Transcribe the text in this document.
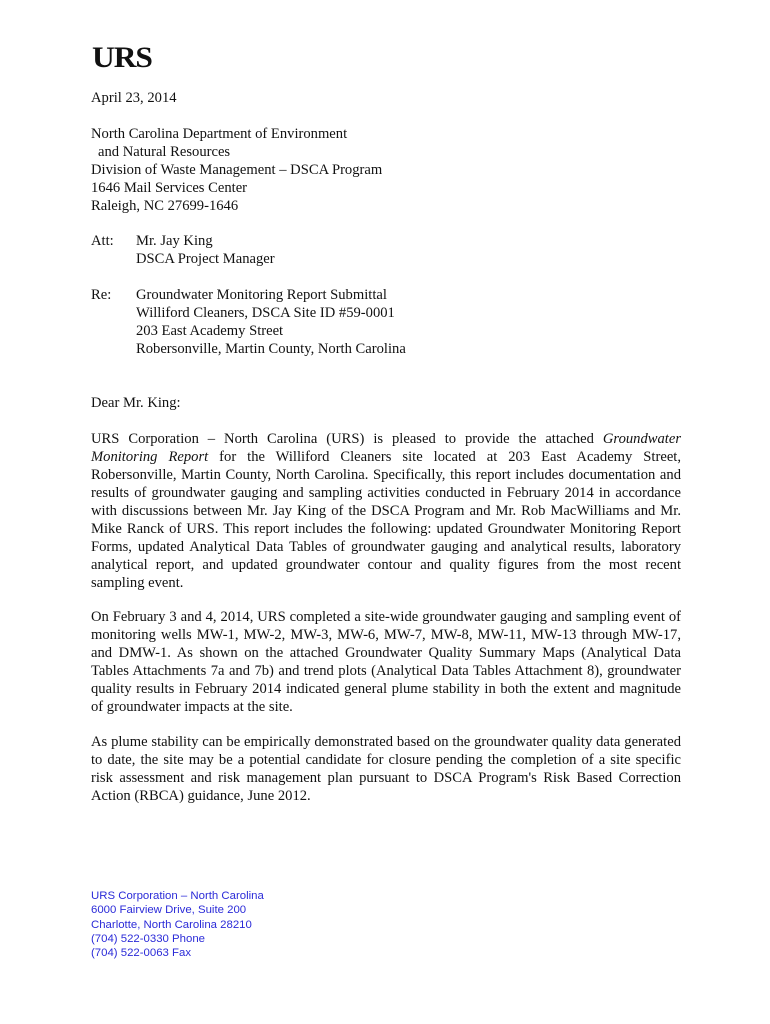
URS
April 23, 2014
North Carolina Department of Environment
and Natural Resources
Division of Waste Management – DSCA Program
1646 Mail Services Center
Raleigh, NC 27699-1646
Att: Mr. Jay King
DSCA Project Manager
Re: Groundwater Monitoring Report Submittal
Williford Cleaners, DSCA Site ID #59-0001
203 East Academy Street
Robersonville, Martin County, North Carolina
Dear Mr. King:
URS Corporation – North Carolina (URS) is pleased to provide the attached Groundwater Monitoring Report for the Williford Cleaners site located at 203 East Academy Street, Robersonville, Martin County, North Carolina. Specifically, this report includes documentation and results of groundwater gauging and sampling activities conducted in February 2014 in accordance with discussions between Mr. Jay King of the DSCA Program and Mr. Rob MacWilliams and Mr. Mike Ranck of URS. This report includes the following: updated Groundwater Monitoring Report Forms, updated Analytical Data Tables of groundwater gauging and analytical results, laboratory analytical report, and updated groundwater contour and quality figures from the most recent sampling event.
On February 3 and 4, 2014, URS completed a site-wide groundwater gauging and sampling event of monitoring wells MW-1, MW-2, MW-3, MW-6, MW-7, MW-8, MW-11, MW-13 through MW-17, and DMW-1. As shown on the attached Groundwater Quality Summary Maps (Analytical Data Tables Attachments 7a and 7b) and trend plots (Analytical Data Tables Attachment 8), groundwater quality results in February 2014 indicated general plume stability in both the extent and magnitude of groundwater impacts at the site.
As plume stability can be empirically demonstrated based on the groundwater quality data generated to date, the site may be a potential candidate for closure pending the completion of a site specific risk assessment and risk management plan pursuant to DSCA Program's Risk Based Correction Action (RBCA) guidance, June 2012.
URS Corporation – North Carolina
6000 Fairview Drive, Suite 200
Charlotte, North Carolina 28210
(704) 522-0330 Phone
(704) 522-0063 Fax
